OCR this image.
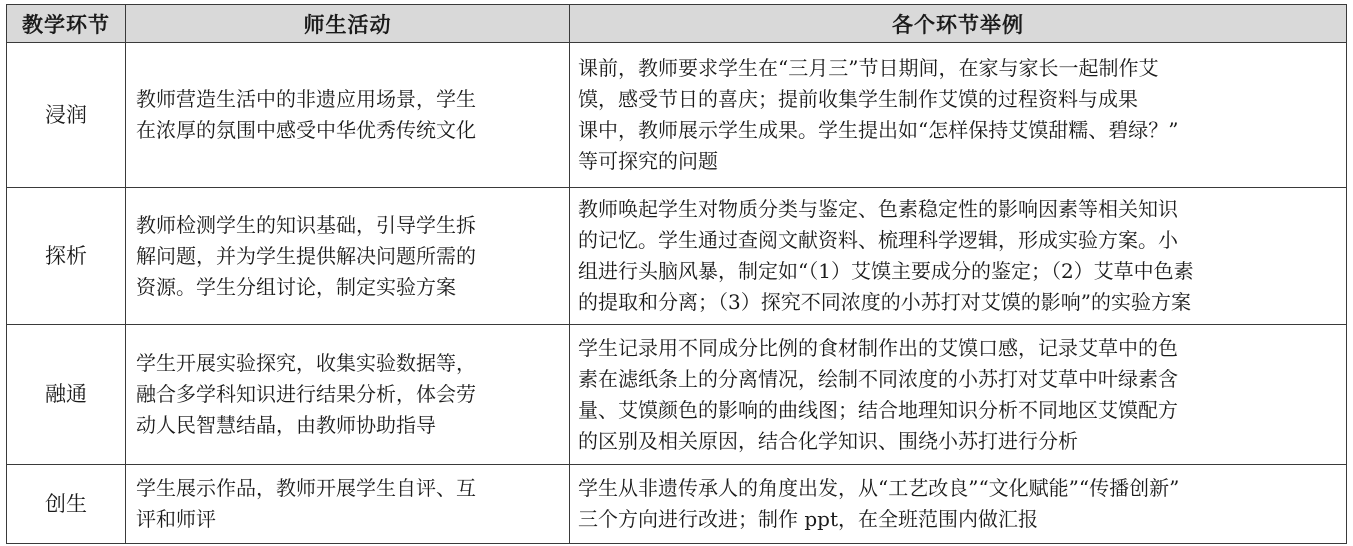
教学环节	师生活动	各个环节举例
浸润	教师营造生活中的非遗应用场景，学生
在浓厚的氛围中感受中华优秀传统文化	课前，教师要求学生在“三月三”节日期间，在家与家长一起制作艾
馍，感受节日的喜庆；提前收集学生制作艾馍的过程资料与成果
课中，教师展示学生成果。学生提出如“怎样保持艾馍甜糯、碧绿？”
等可探究的问题

探析	教师检测学生的知识基础，引导学生拆
解问题，并为学生提供解决问题所需的
资源。学生分组讨论，制定实验方案	教师唤起学生对物质分类与鉴定、色素稳定性的影响因素等相关知识
的记忆。学生通过查阅文献资料、梳理科学逻辑，形成实验方案。小
组进行头脑风暴，制定如“（1）艾馍主要成分的鉴定；（2）艾草中色素
的提取和分离；（3）探究不同浓度的小苏打对艾馍的影响”的实验方案

融通	学生开展实验探究，收集实验数据等，
融合多学科知识进行结果分析，体会劳
动人民智慧结晶，由教师协助指导	学生记录用不同成分比例的食材制作出的艾馍口感，记录艾草中的色
素在滤纸条上的分离情况，绘制不同浓度的小苏打对艾草中叶绿素含
量、艾馍颜色的影响的曲线图；结合地理知识分析不同地区艾馍配方
的区别及相关原因，结合化学知识、围绕小苏打进行分析

创生	学生展示作品，教师开展学生自评、互
评和师评	学生从非遗传承人的角度出发，从“工艺改良”“文化赋能”“传播创新”
三个方向进行改进；制作 ppt，在全班范围内做汇报
